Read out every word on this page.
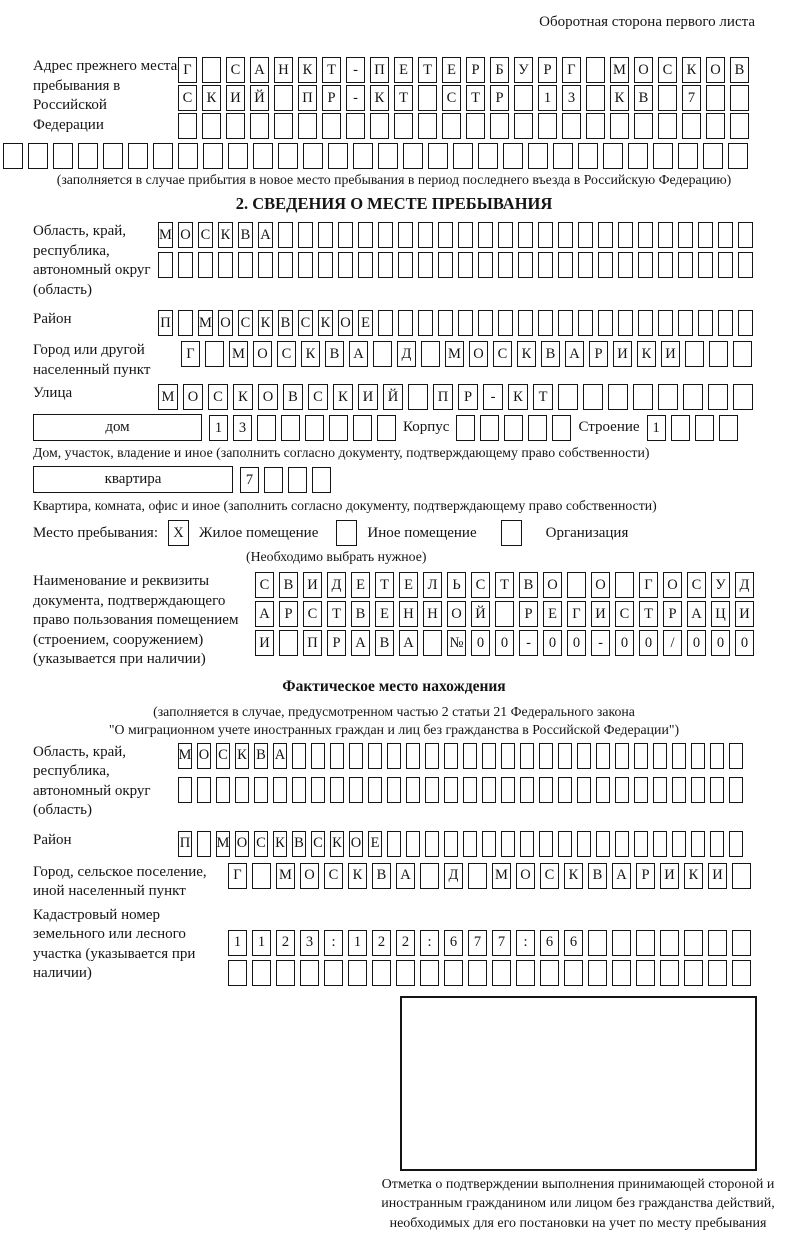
Оборотная сторона первого листа
Адрес прежнего места пребывания в Российской Федерации
Г	С А Н К	Т	-	П Е	Т	Е	Р	Б	У	Р	Г	М О С К О В
С К И Й	П	Р	-	К	Т	С	Т	Р	1	3	К В	7
(заполняется в случае прибытия в новое место пребывания в период последнего въезда в Российскую Федерацию)
2. СВЕДЕНИЯ О МЕСТЕ ПРЕБЫВАНИЯ
Область, край, республика, автономный округ (область)
М О С К В А
Район	П М О С К В С К О Е
Город или другой населенный пункт
Г	М О С К В А	Д	М О С К В А	Р	И К И
Улица	М О	С	К	О	В	С	К	И	Й	П	Р	-	К	Т
дом	1	3	Корпус	Строение 1
Дом, участок, владение и иное (заполнить согласно документу, подтверждающему право собственности)
квартира	7
Квартира, комната, офис и иное (заполнить согласно документу, подтверждающему право собственности)
Место пребывания:	X	Жилое помещение	Иное помещение	Организация
(Необходимо выбрать нужное)
Наименование и реквизиты документа, подтверждающего право пользования помещением (строением, сооружением) (указывается при наличии)
С В И Д	Е	Т	Е	Л	Ь	С	Т	В О	О	Г	О С У Д
А	Р	С	Т	В	Е Н Н О Й	Р	Е	Г	И С	Т	Р	А Ц И
И	П	Р	А В А № 0	0	-	0	0	-	0	0	/	0	0	0
Фактическое место нахождения
(заполняется в случае, предусмотренном частью 2 статьи 21 Федерального закона
"О миграционном учете иностранных граждан и лиц без гражданства в Российской Федерации")
Область, край, республика, автономный округ (область)
М О С К В А
Район	П М О С К В С К О Е
Город, сельское поселение, иной населенный пункт
Г	М О С К В А	Д	М О С К В А	Р	И К И
Кадастровый номер земельного или лесного участка (указывается при наличии)
1	1	2	3	:	1	2	2	:	6	7	7	:	6	6
Отметка о подтверждении выполнения принимающей стороной и иностранным гражданином или лицом без гражданства действий, необходимых для его постановки на учет по месту пребывания
